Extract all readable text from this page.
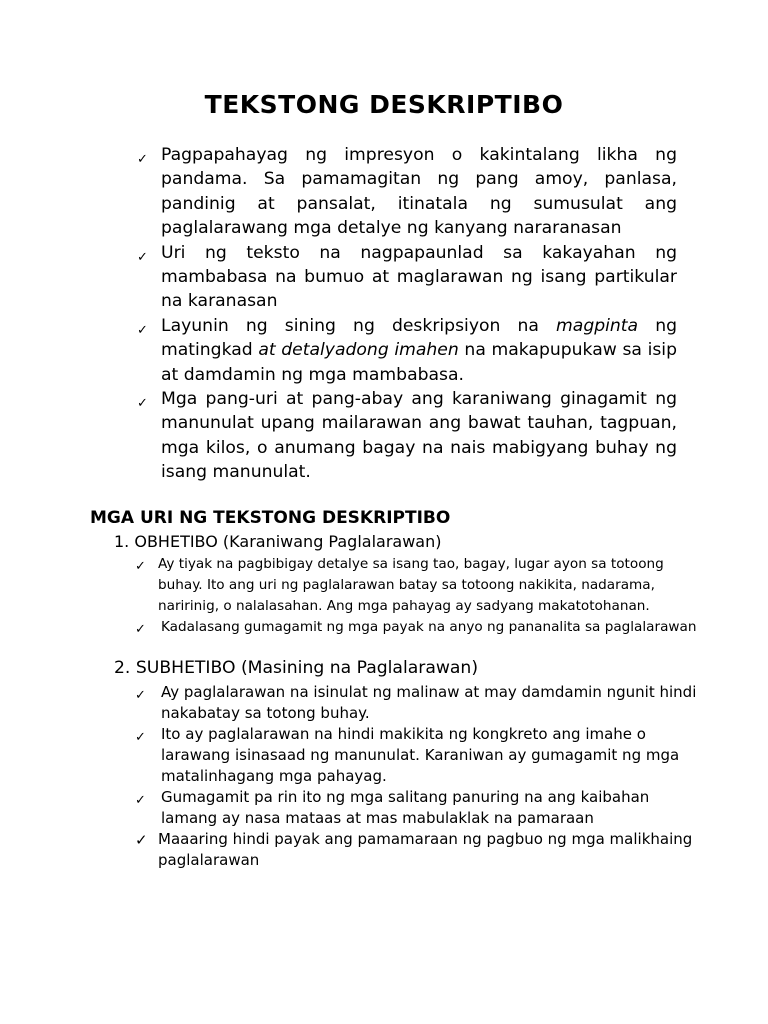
TEKSTONG DESKRIPTIBO
✓ Pagpapahayag ng impresyon o kakintalang likha ng pandama. Sa pamamagitan ng pang amoy, panlasa, pandinig at pansalat, itinatala ng sumusulat ang paglalarawang mga detalye ng kanyang nararanasan
✓ Uri ng teksto na nagpapaunlad sa kakayahan ng mambabasa na bumuo at maglarawan ng isang partikular na karanasan
✓ Layunin ng sining ng deskripsiyon na magpinta ng matingkad at detalyadong imahen na makapupukaw sa isip at damdamin ng mga mambabasa.
✓ Mga pang-uri at pang-abay ang karaniwang ginagamit ng manunulat upang mailarawan ang bawat tauhan, tagpuan, mga kilos, o anumang bagay na nais mabigyang buhay ng isang manunulat.
MGA URI NG TEKSTONG DESKRIPTIBO
1. OBHETIBO (Karaniwang Paglalarawan)
✓ Ay tiyak na pagbibigay detalye sa isang tao, bagay, lugar ayon sa totoong buhay. Ito ang uri ng paglalarawan batay sa totoong nakikita, nadarama, naririnig, o nalalasahan. Ang mga pahayag ay sadyang makatotohanan.
✓ Kadalasang gumagamit ng mga payak na anyo ng pananalita sa paglalarawan
2. SUBHETIBO (Masining na Paglalarawan)
✓ Ay paglalarawan na isinulat ng malinaw at may damdamin ngunit hindi nakabatay sa totong buhay.
✓ Ito ay paglalarawan na hindi makikita ng kongkreto ang imahe o larawang isinasaad ng manunulat. Karaniwan ay gumagamit ng mga matalinhagang mga pahayag.
✓ Gumagamit pa rin ito ng mga salitang panuring na ang kaibahan lamang ay nasa mataas at mas mabulaklak na pamaraan
✓ Maaaring hindi payak ang pamamaraan ng pagbuo ng mga malikhaing paglalarawan
